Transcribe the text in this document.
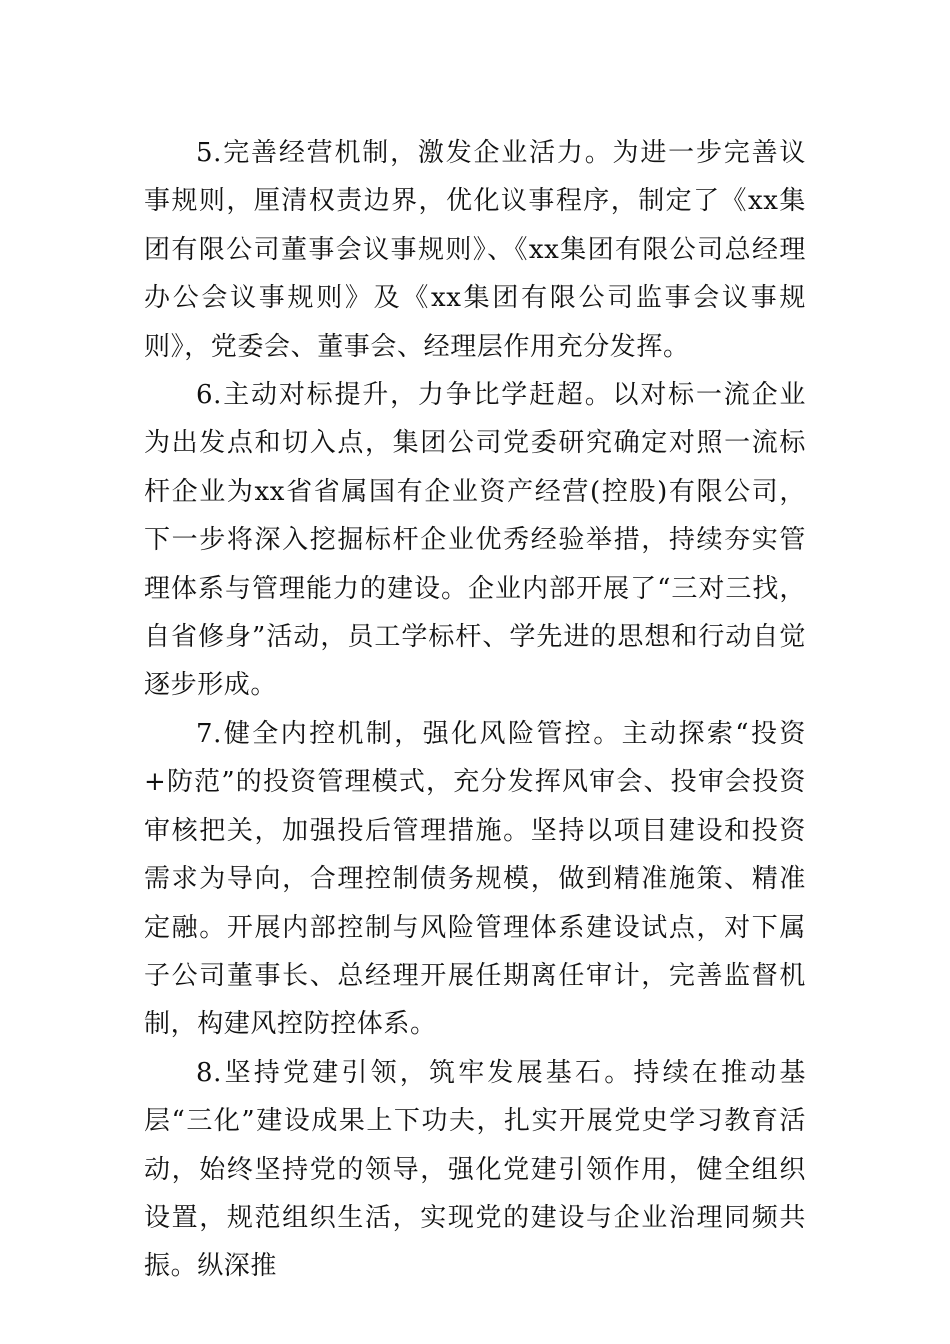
5.完善经营机制，激发企业活力。为进一步完善议事规则，厘清权责边界，优化议事程序，制定了《xx集团有限公司董事会议事规则》、《xx集团有限公司总经理办公会议事规则》及《xx集团有限公司监事会议事规则》，党委会、董事会、经理层作用充分发挥。

6.主动对标提升，力争比学赶超。以对标一流企业为出发点和切入点，集团公司党委研究确定对照一流标杆企业为xx省省属国有企业资产经营(控股)有限公司，下一步将深入挖掘标杆企业优秀经验举措，持续夯实管理体系与管理能力的建设。企业内部开展了“三对三找，自省修身”活动，员工学标杆、学先进的思想和行动自觉逐步形成。

7.健全内控机制，强化风险管控。主动探索“投资+防范”的投资管理模式，充分发挥风审会、投审会投资审核把关，加强投后管理措施。坚持以项目建设和投资需求为导向，合理控制债务规模，做到精准施策、精准定融。开展内部控制与风险管理体系建设试点，对下属子公司董事长、总经理开展任期离任审计，完善监督机制，构建风控防控体系。

8.坚持党建引领，筑牢发展基石。持续在推动基层“三化”建设成果上下功夫，扎实开展党史学习教育活动，始终坚持党的领导，强化党建引领作用，健全组织设置，规范组织生活，实现党的建设与企业治理同频共振。纵深推
